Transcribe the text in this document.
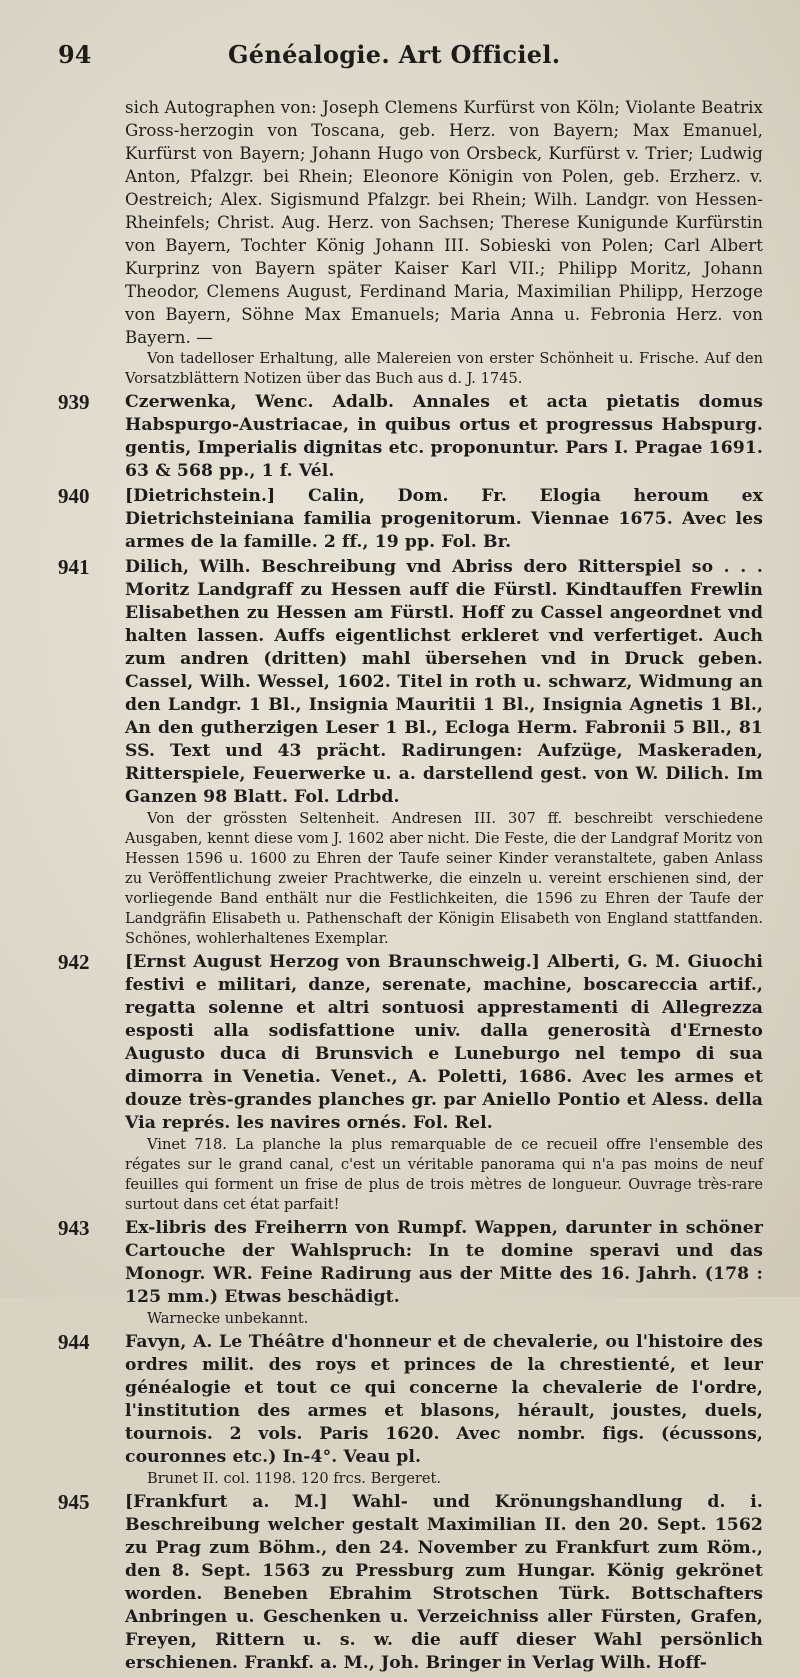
94	Généalogie. Art Officiel.

sich Autographen von: Joseph Clemens Kurfürst von Köln; Violante Beatrix Gross-herzogin von Toscana, geb. Herz. von Bayern; Max Emanuel, Kurfürst von Bayern; Johann Hugo von Orsbeck, Kurfürst v. Trier; Ludwig Anton, Pfalzgr. bei Rhein; Eleonore Königin von Polen, geb. Erzherz. v. Oestreich; Alex. Sigismund Pfalzgr. bei Rhein; Wilh. Landgr. von Hessen-Rheinfels; Christ. Aug. Herz. von Sachsen; Therese Kunigunde Kurfürstin von Bayern, Tochter König Johann III. Sobieski von Polen; Carl Albert Kurprinz von Bayern später Kaiser Karl VII.; Philipp Moritz, Johann Theodor, Clemens August, Ferdinand Maria, Maximilian Philipp, Herzoge von Bayern, Söhne Max Emanuels; Maria Anna u. Febronia Herz. von Bayern. —

Von tadelloser Erhaltung, alle Malereien von erster Schönheit u. Frische. Auf den Vorsatzblättern Notizen über das Buch aus d. J. 1745.

939 Czerwenka, Wenc. Adalb. Annales et acta pietatis domus Habspurgo-Austriacae, in quibus ortus et progressus Habspurg. gentis, Imperialis dignitas etc. proponuntur. Pars I. Pragae 1691. 63 & 568 pp., 1 f. Vél.

940 [Dietrichstein.] Calin, Dom. Fr. Elogia heroum ex Dietrichsteiniana familia progenitorum. Viennae 1675. Avec les armes de la famille. 2 ff., 19 pp. Fol. Br.

941 Dilich, Wilh. Beschreibung vnd Abriss dero Ritterspiel so . . . Moritz Landgraff zu Hessen auff die Fürstl. Kindtauffen Frewlin Elisabethen zu Hessen am Fürstl. Hoff zu Cassel angeordnet vnd halten lassen. Auffs eigentlichst erkleret vnd verfertiget. Auch zum andren (dritten) mahl übersehen vnd in Druck geben. Cassel, Wilh. Wessel, 1602. Titel in roth u. schwarz, Widmung an den Landgr. 1 Bl., Insignia Mauritii 1 Bl., Insignia Agnetis 1 Bl., An den gutherzigen Leser 1 Bl., Ecloga Herm. Fabronii 5 Bll., 81 SS. Text und 43 prächt. Radirungen: Aufzüge, Maskeraden, Ritterspiele, Feuerwerke u. a. darstellend gest. von W. Dilich. Im Ganzen 98 Blatt. Fol. Ldrbd.

Von der grössten Seltenheit. Andresen III. 307 ff. beschreibt verschiedene Ausgaben, kennt diese vom J. 1602 aber nicht. Die Feste, die der Landgraf Moritz von Hessen 1596 u. 1600 zu Ehren der Taufe seiner Kinder veranstaltete, gaben Anlass zu Veröffentlichung zweier Prachtwerke, die einzeln u. vereint erschienen sind, der vorliegende Band enthält nur die Festlichkeiten, die 1596 zu Ehren der Taufe der Landgräfin Elisabeth u. Pathenschaft der Königin Elisabeth von England stattfanden. Schönes, wohlerhaltenes Exemplar.

942 [Ernst August Herzog von Braunschweig.] Alberti, G. M. Giuochi festivi e militari, danze, serenate, machine, boscareccia artif., regatta solenne et altri sontuosi apprestamenti di Allegrezza esposti alla sodisfattione univ. dalla generosità d'Ernesto Augusto duca di Brunsvich e Luneburgo nel tempo di sua dimorra in Venetia. Venet., A. Poletti, 1686. Avec les armes et douze très-grandes planches gr. par Aniello Pontio et Aless. della Via représ. les navires ornés. Fol. Rel.

Vinet 718. La planche la plus remarquable de ce recueil offre l'ensemble des régates sur le grand canal, c'est un véritable panorama qui n'a pas moins de neuf feuilles qui forment un frise de plus de trois mètres de longueur. Ouvrage très-rare surtout dans cet état parfait!

943 Ex-libris des Freiherrn von Rumpf. Wappen, darunter in schöner Cartouche der Wahlspruch: In te domine speravi und das Monogr. WR. Feine Radirung aus der Mitte des 16. Jahrh. (178 : 125 mm.) Etwas beschädigt.

Warnecke unbekannt.

944 Favyn, A. Le Théâtre d'honneur et de chevalerie, ou l'histoire des ordres milit. des roys et princes de la chrestienté, et leur généalogie et tout ce qui concerne la chevalerie de l'ordre, l'institution des armes et blasons, hérault, joustes, duels, tournois. 2 vols. Paris 1620. Avec nombr. figs. (écussons, couronnes etc.) In-4°. Veau pl.

Brunet II. col. 1198. 120 frcs. Bergeret.

945 [Frankfurt a. M.] Wahl- und Krönungshandlung d. i. Beschreibung welcher gestalt Maximilian II. den 20. Sept. 1562 zu Prag zum Böhm., den 24. November zu Frankfurt zum Röm., den 8. Sept. 1563 zu Pressburg zum Hungar. König gekrönet worden. Beneben Ebrahim Strotschen Türk. Bottschafters Anbringen u. Geschenken u. Verzeichniss aller Fürsten, Grafen, Freyen, Rittern u. s. w. die auff dieser Wahl persönlich erschienen. Frankf. a. M., Joh. Bringer in Verlag Wilh. Hoff-
